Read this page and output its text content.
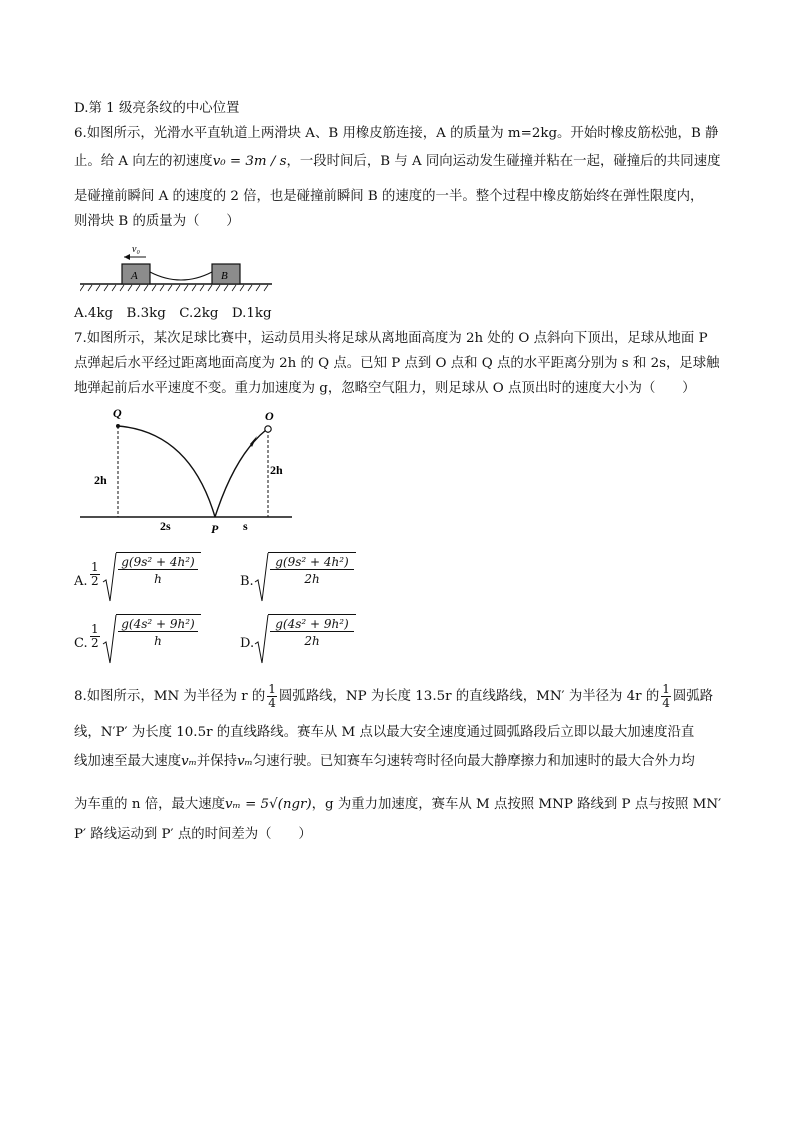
D.第 1 级亮条纹的中心位置
6.如图所示，光滑水平直轨道上两滑块 A、B 用橡皮筋连接，A 的质量为 m=2kg。开始时橡皮筋松弛，B 静
止。给 A 向左的初速度v₀ = 3m / s，一段时间后，B 与 A 同向运动发生碰撞并粘在一起，碰撞后的共同速度
是碰撞前瞬间 A 的速度的 2 倍，也是碰撞前瞬间 B 的速度的一半。整个过程中橡皮筋始终在弹性限度内，
则滑块 B 的质量为（　　）
A	B
v₀
A.4kg　B.3kg　C.2kg　D.1kg
7.如图所示，某次足球比赛中，运动员用头将足球从离地面高度为 2h 处的 O 点斜向下顶出，足球从地面 P
点弹起后水平经过距离地面高度为 2h 的 Q 点。已知 P 点到 O 点和 Q 点的水平距离分别为 s 和 2s，足球触
地弹起前后水平速度不变。重力加速度为 g，忽略空气阻力，则足球从 O 点顶出时的速度大小为（　　）
Q	O
P
2h
2h
2s	s
A. $\frac{1}{2} \frac{\text{g(9s² + 4h²)}}{h}$	B. $\frac{\text{g(9s² + 4h²)}}{2h}$
C. $\frac{1}{2} \frac{\text{g(4s² + 9h²)}}{h}$	D. $\frac{\text{g(4s² + 9h²)}}{2h}$
8.如图所示，MN 为半径为 r 的 $\frac{1}{4}$ 圆弧路线，NP 为长度 13.5r 的直线路线，MN′ 为半径为 4r 的 $\frac{1}{4}$ 圆弧路
线，N′P′ 为长度 10.5r 的直线路线。赛车从 M 点以最大安全速度通过圆弧路段后立即以最大加速度沿直
线加速至最大速度vₘ并保持vₘ匀速行驶。已知赛车匀速转弯时径向最大静摩擦力和加速时的最大合外力均
为车重的 n 倍，最大速度vₘ = 5√(ngr)，g 为重力加速度，赛车从 M 点按照 MNP 路线到 P 点与按照 MN′
P′ 路线运动到 P′ 点的时间差为（　　）
